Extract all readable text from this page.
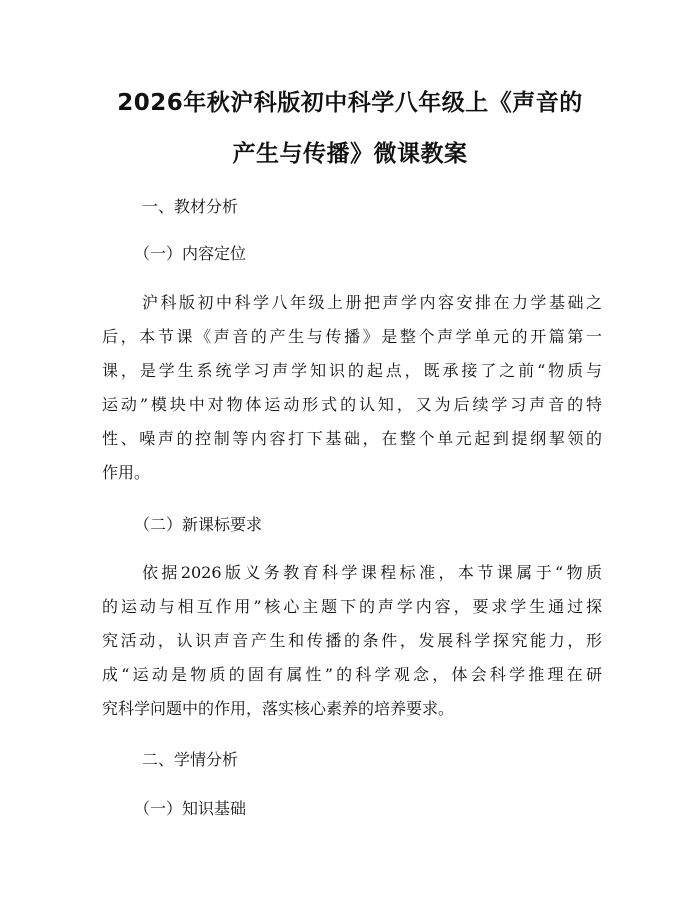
2026年秋沪科版初中科学八年级上《声音的
产生与传播》微课教案

一、教材分析

（一）内容定位

沪科版初中科学八年级上册把声学内容安排在力学基础之
后，本节课《声音的产生与传播》是整个声学单元的开篇第一
课，是学生系统学习声学知识的起点，既承接了之前“物质与
运动”模块中对物体运动形式的认知，又为后续学习声音的特
性、噪声的控制等内容打下基础，在整个单元起到提纲挈领的
作用。

（二）新课标要求

依据2026版义务教育科学课程标准，本节课属于“物质
的运动与相互作用”核心主题下的声学内容，要求学生通过探
究活动，认识声音产生和传播的条件，发展科学探究能力，形
成“运动是物质的固有属性”的科学观念，体会科学推理在研
究科学问题中的作用，落实核心素养的培养要求。

二、学情分析

（一）知识基础
